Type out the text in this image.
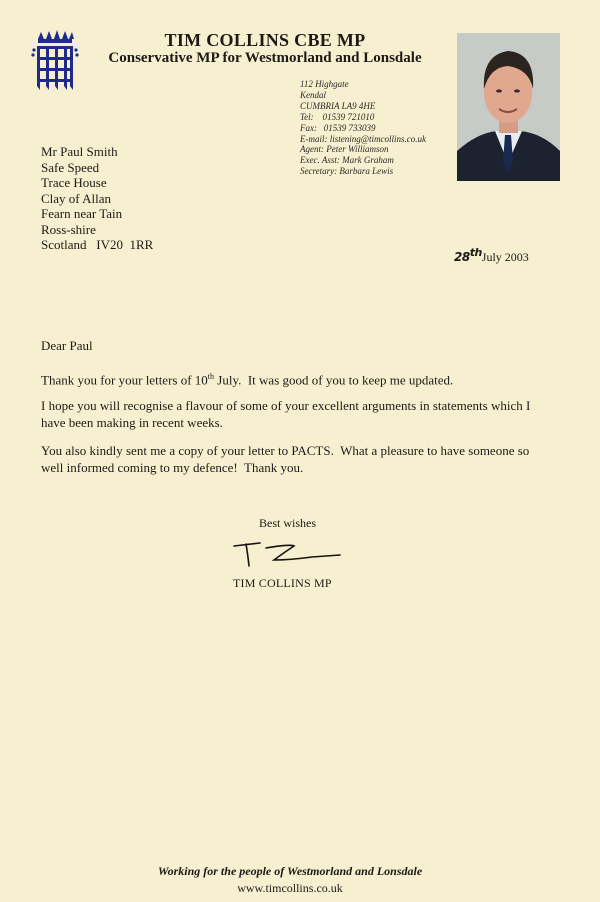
TIM COLLINS CBE MP
Conservative MP for Westmorland and Lonsdale
112 Highgate
Kendal
CUMBRIA LA9 4HE
Tel:    01539 721010
Fax:   01539 733039
E-mail: listening@timcollins.co.uk
Agent: Peter Williamson
Exec. Asst: Mark Graham
Secretary: Barbara Lewis
Mr Paul Smith
Safe Speed
Trace House
Clay of Allan
Fearn near Tain
Ross-shire
Scotland   IV20  1RR
28thJuly 2003
Dear Paul
Thank you for your letters of 10th July.  It was good of you to keep me updated.
I hope you will recognise a flavour of some of your excellent arguments in statements which I have been making in recent weeks.
You also kindly sent me a copy of your letter to PACTS.  What a pleasure to have someone so well informed coming to my defence!  Thank you.
Best wishes
TIM COLLINS MP
Working for the people of Westmorland and Lonsdale
www.timcollins.co.uk
